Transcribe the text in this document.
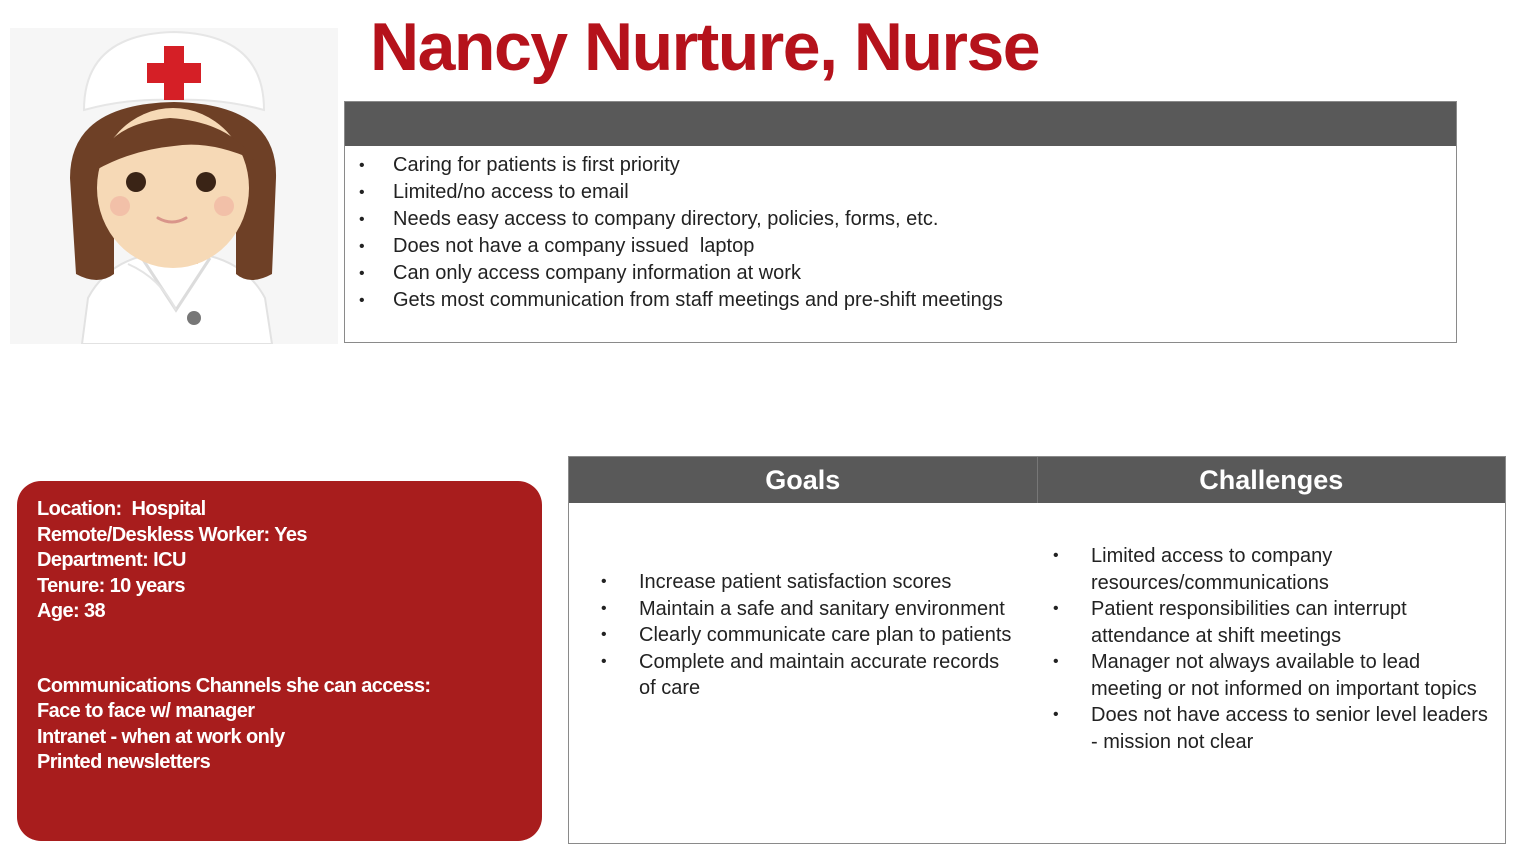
Nancy Nurture, Nurse
• Caring for patients is first priority
• Limited/no access to email
• Needs easy access to company directory, policies, forms, etc.
• Does not have a company issued  laptop
• Can only access company information at work
• Gets most communication from staff meetings and pre-shift meetings
Location:  Hospital
Remote/Deskless Worker: Yes
Department: ICU
Tenure: 10 years
Age: 38
Communications Channels she can access:
Face to face w/ manager
Intranet - when at work only
Printed newsletters
Goals	Challenges
• Increase patient satisfaction scores
• Maintain a safe and sanitary environment
• Clearly communicate care plan to patients
• Complete and maintain accurate records of care
• Limited access to company resources/communications
• Patient responsibilities can interrupt attendance at shift meetings
• Manager not always available to lead meeting or not informed on important topics
• Does not have access to senior level leaders - mission not clear
